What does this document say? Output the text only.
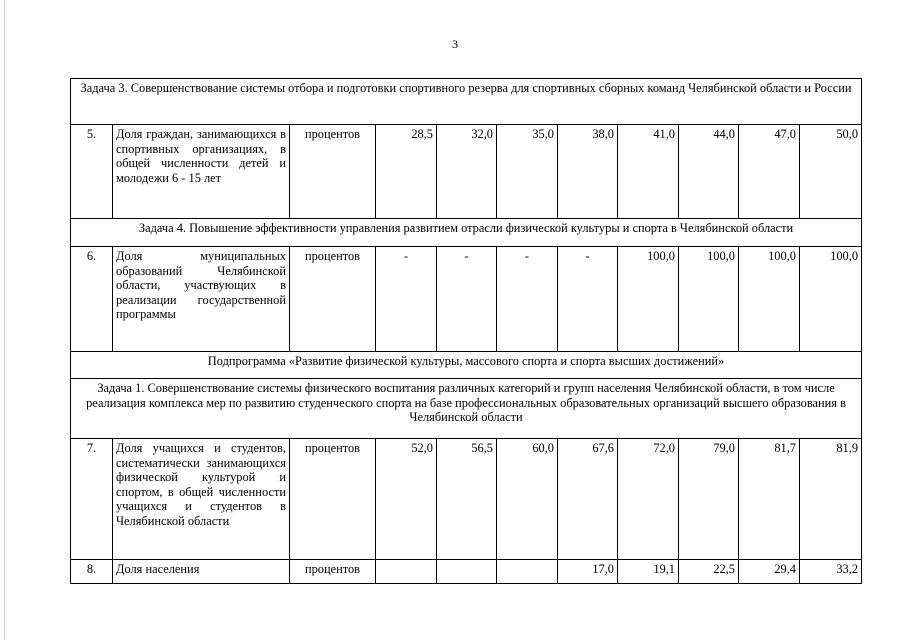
3
Задача 3. Совершенствование системы отбора и подготовки спортивного резерва для спортивных сборных команд Челябинской области и России										
5.	Доля граждан, занимающихся в спортивных организациях, в общей численности детей и молодежи 6 - 15 лет	процентов	28,5	32,0	35,0	38,0	41,0	44,0	47,0	50,0
Задача 4. Повышение эффективности управления развитием отрасли физической культуры и спорта в Челябинской области										
6.	Доля муниципальных образований Челябинской области, участвующих в реализации государственной программы	процентов	-	-	-	-	100,0	100,0	100,0	100,0
Подпрограмма «Развитие физической культуры, массового спорта и спорта высших достижений»										
Задача 1. Совершенствование системы физического воспитания различных категорий и групп населения Челябинской области, в том числе реализация комплекса мер по развитию студенческого спорта на базе профессиональных образовательных организаций высшего образования в Челябинской области										
7.	Доля учащихся и студентов, систематически занимающихся физической культурой и спортом, в общей численности учащихся и студентов в Челябинской области	процентов	52,0	56,5	60,0	67,6	72,0	79,0	81,7	81,9
8.	Доля населения	процентов				17,0	19,1	22,5	29,4	33,2
